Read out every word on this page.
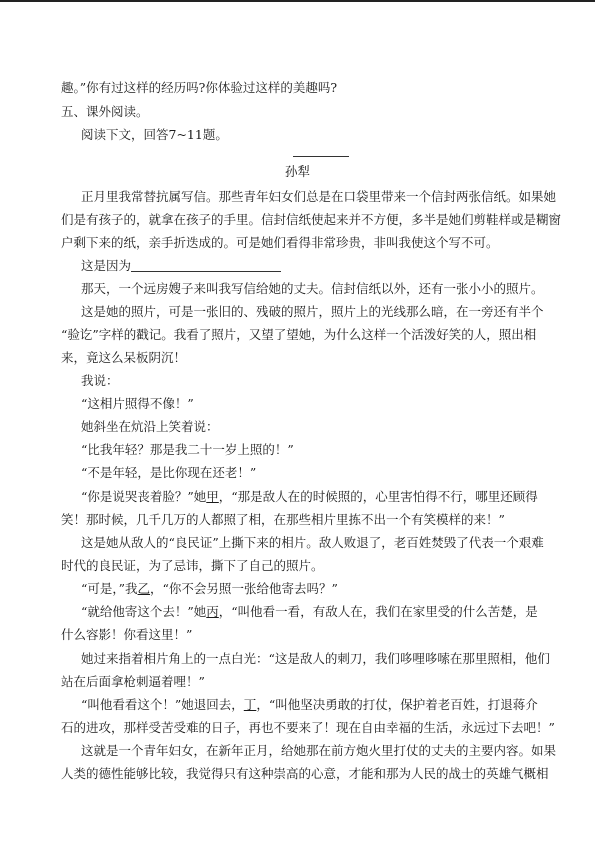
趣。”你有过这样的经历吗?你体验过这样的美趣吗?
五、课外阅读。
阅读下文，回答7~11题。
孙犁
正月里我常替抗属写信。那些青年妇女们总是在口袋里带来一个信封两张信纸。如果她
们是有孩子的，就拿在孩子的手里。信封信纸使起来并不方便，多半是她们剪鞋样或是糊窗
户剩下来的纸，亲手折迭成的。可是她们看得非常珍贵，非叫我使这个写不可。
这是因为
那天，一个远房嫂子来叫我写信给她的丈夫。信封信纸以外，还有一张小小的照片。
这是她的照片，可是一张旧的、残破的照片，照片上的光线那么暗，在一旁还有半个
“验讫”字样的戳记。我看了照片，又望了望她，为什么这样一个活泼好笑的人，照出相
来，竟这么呆板阴沉！
我说：
“这相片照得不像！”
她斜坐在炕沿上笑着说：
“比我年轻？那是我二十一岁上照的！”
“不是年轻，是比你现在还老！”
“你是说哭丧着脸？”她甲，“那是敌人在的时候照的，心里害怕得不行，哪里还顾得
笑！那时候，几千几万的人都照了相，在那些相片里拣不出一个有笑模样的来！”
这是她从敌人的“良民证”上撕下来的相片。敌人败退了，老百姓焚毁了代表一个艰难
时代的良民证，为了忌讳，撕下了自己的照片。
“可是，”我乙，“你不会另照一张给他寄去吗？”
“就给他寄这个去！”她丙，“叫他看一看，有敌人在，我们在家里受的什么苦楚，是
什么容影！你看这里！”
她过来指着相片角上的一点白光：“这是敌人的刺刀，我们哆哩哆嗦在那里照相，他们
站在后面拿枪刺逼着哩！”
“叫他看看这个！”她退回去，丁，“叫他坚决勇敢的打仗，保护着老百姓，打退蒋介
石的进攻，那样受苦受难的日子，再也不要来了！现在自由幸福的生活，永远过下去吧！”
这就是一个青年妇女，在新年正月，给她那在前方炮火里打仗的丈夫的主要内容。如果
人类的德性能够比较，我觉得只有这种崇高的心意，才能和那为人民的战士的英雄气概相
